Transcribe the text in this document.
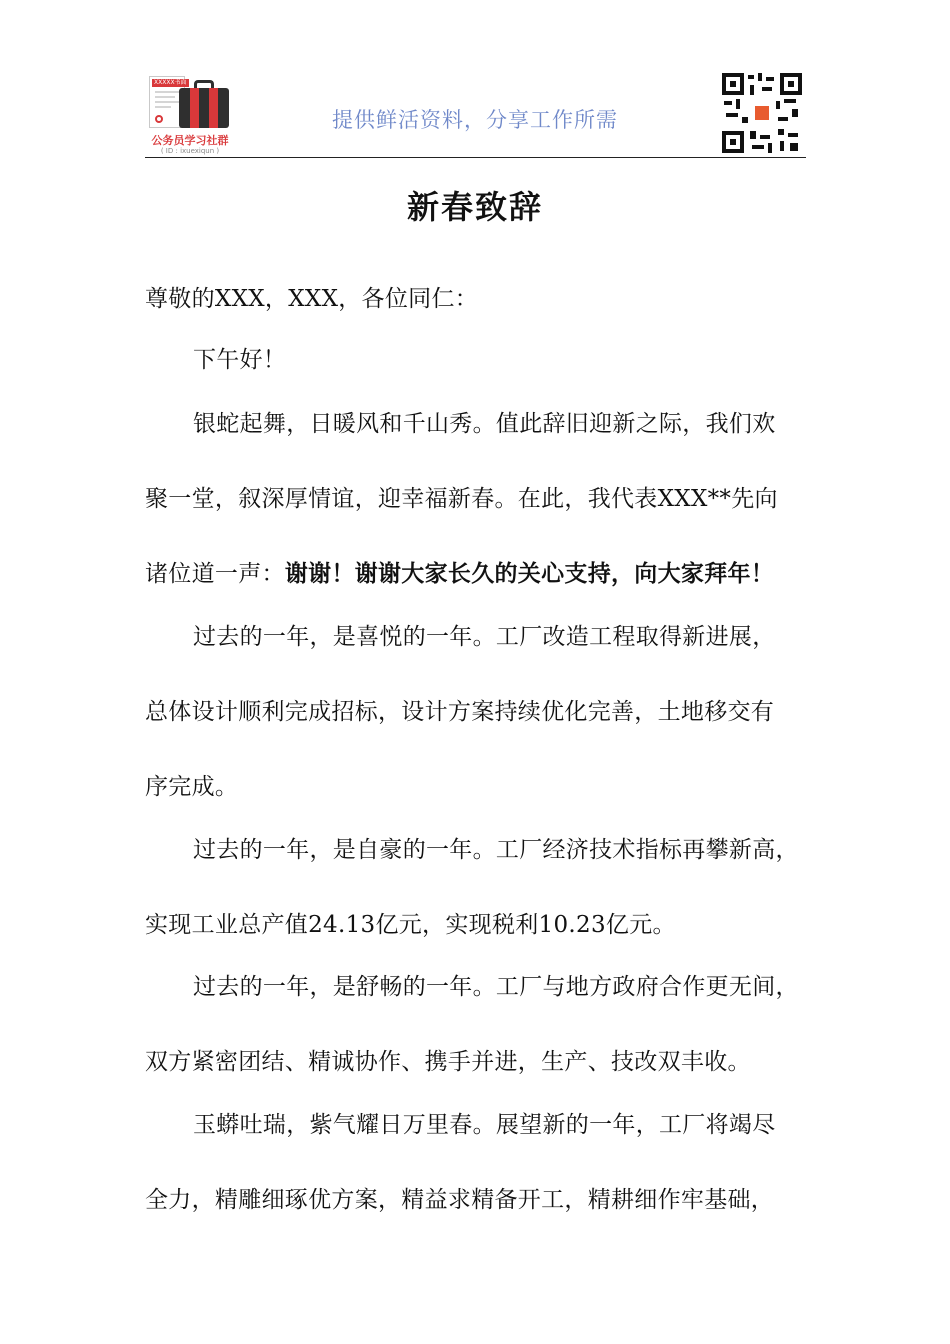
XXXXX书面
公务员学习社群
( ID : ixuexiqun )
提供鲜活资料，分享工作所需
新春致辞
尊敬的XXX，XXX，各位同仁：
下午好！
银蛇起舞，日暖风和千山秀。值此辞旧迎新之际，我们欢
聚一堂，叙深厚情谊，迎幸福新春。在此，我代表XXX**先向
诸位道一声：谢谢！谢谢大家长久的关心支持，向大家拜年！
过去的一年，是喜悦的一年。工厂改造工程取得新进展，
总体设计顺利完成招标，设计方案持续优化完善，土地移交有
序完成。
过去的一年，是自豪的一年。工厂经济技术指标再攀新高，
实现工业总产值24.13亿元，实现税利10.23亿元。
过去的一年，是舒畅的一年。工厂与地方政府合作更无间，
双方紧密团结、精诚协作、携手并进，生产、技改双丰收。
玉蟒吐瑞，紫气耀日万里春。展望新的一年，工厂将竭尽
全力，精雕细琢优方案，精益求精备开工，精耕细作牢基础，
